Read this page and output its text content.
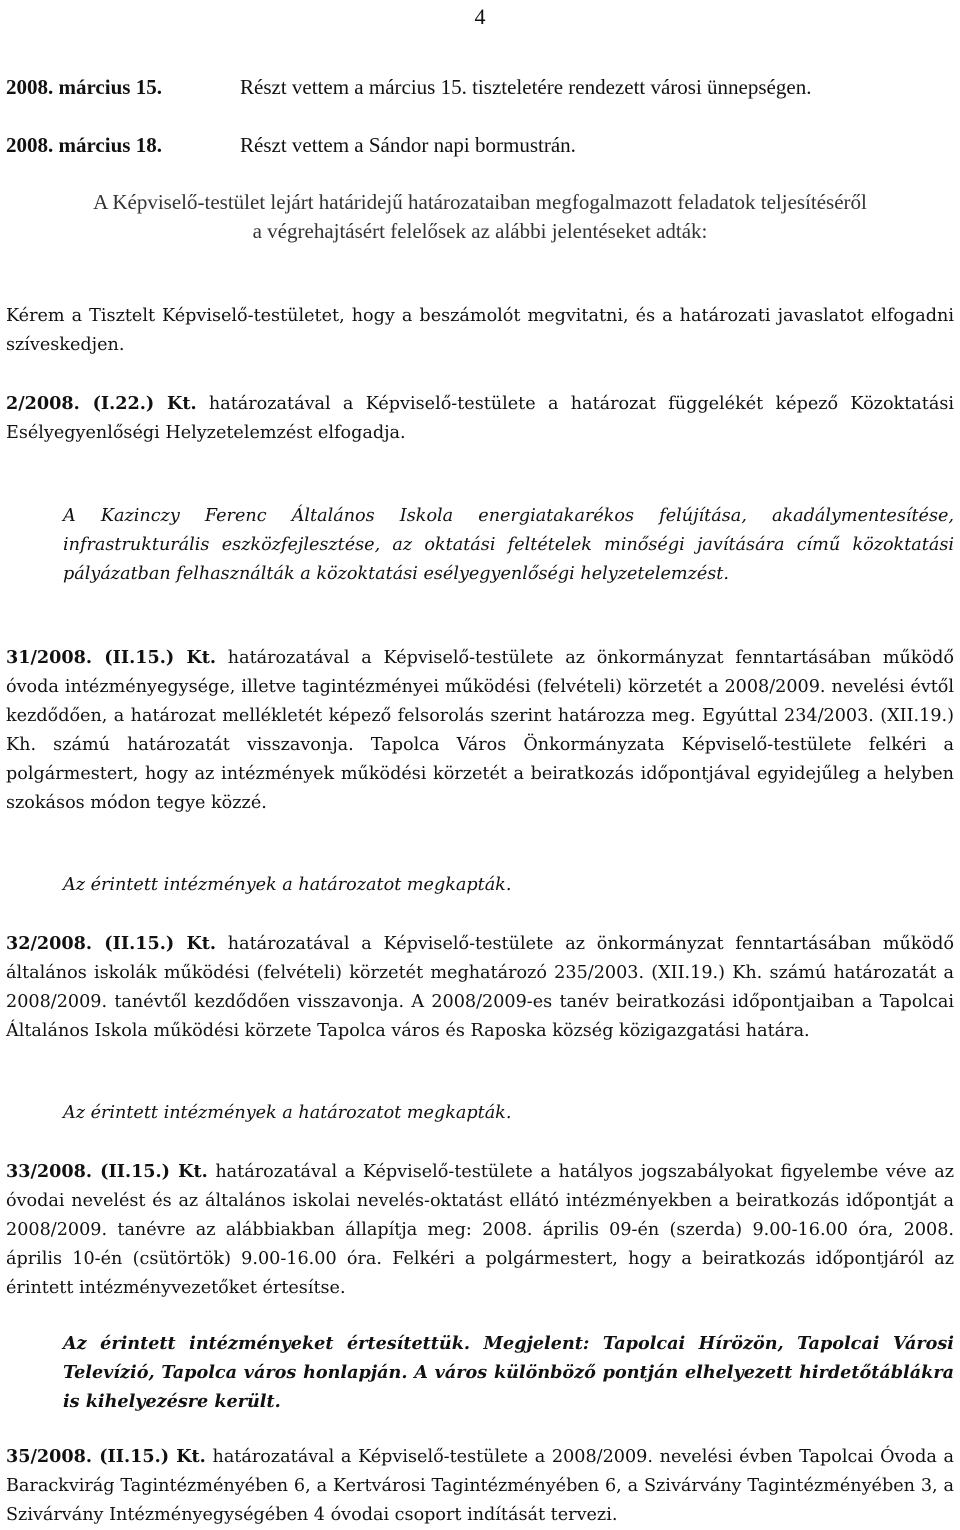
4
2008. március 15.	Részt vettem a március 15. tiszteletére rendezett városi ünnepségen.
2008. március 18.	Részt vettem a Sándor napi bormustrán.
A Képviselő-testület lejárt határidejű határozataiban megfogalmazott feladatok teljesítéséről
a végrehajtásért felelősek az alábbi jelentéseket adták:
Kérem a Tisztelt Képviselő-testületet, hogy a beszámolót megvitatni, és a határozati javaslatot elfogadni szíveskedjen.
2/2008. (I.22.) Kt. határozatával a Képviselő-testülete a határozat függelékét képező Közoktatási Esélyegyenlőségi Helyzetelemzést elfogadja.
A Kazinczy Ferenc Általános Iskola energiatakarékos felújítása, akadálymentesítése, infrastrukturális eszközfejlesztése, az oktatási feltételek minőségi javítására című közoktatási pályázatban felhasználták a közoktatási esélyegyenlőségi helyzetelemzést.
31/2008. (II.15.) Kt. határozatával a Képviselő-testülete az önkormányzat fenntartásában működő óvoda intézményegysége, illetve tagintézményei működési (felvételi) körzetét a 2008/2009. nevelési évtől kezdődően, a határozat mellékletét képező felsorolás szerint határozza meg. Egyúttal 234/2003. (XII.19.) Kh. számú határozatát visszavonja. Tapolca Város Önkormányzata Képviselő-testülete felkéri a polgármestert, hogy az intézmények működési körzetét a beiratkozás időpontjával egyidejűleg a helyben szokásos módon tegye közzé.
Az érintett intézmények a határozatot megkapták.
32/2008. (II.15.) Kt. határozatával a Képviselő-testülete az önkormányzat fenntartásában működő általános iskolák működési (felvételi) körzetét meghatározó 235/2003. (XII.19.) Kh. számú határozatát a 2008/2009. tanévtől kezdődően visszavonja. A 2008/2009-es tanév beiratkozási időpontjaiban a Tapolcai Általános Iskola működési körzete Tapolca város és Raposka község közigazgatási határa.
Az érintett intézmények a határozatot megkapták.
33/2008. (II.15.) Kt. határozatával a Képviselő-testülete a hatályos jogszabályokat figyelembe véve az óvodai nevelést és az általános iskolai nevelés-oktatást ellátó intézményekben a beiratkozás időpontját a 2008/2009. tanévre az alábbiakban állapítja meg: 2008. április 09-én (szerda) 9.00-16.00 óra, 2008. április 10-én (csütörtök) 9.00-16.00 óra. Felkéri a polgármestert, hogy a beiratkozás időpontjáról az érintett intézményvezetőket értesítse.
Az érintett intézményeket értesítettük. Megjelent: Tapolcai Hírözön, Tapolcai Városi Televízió, Tapolca város honlapján. A város különböző pontján elhelyezett hirdetőtáblákra is kihelyezésre került.
35/2008. (II.15.) Kt. határozatával a Képviselő-testülete a 2008/2009. nevelési évben Tapolcai Óvoda a Barackvirág Tagintézményében 6, a Kertvárosi Tagintézményében 6, a Szivárvány Tagintézményében 3, a Szivárvány Intézményegységében 4 óvodai csoport indítását tervezi.
